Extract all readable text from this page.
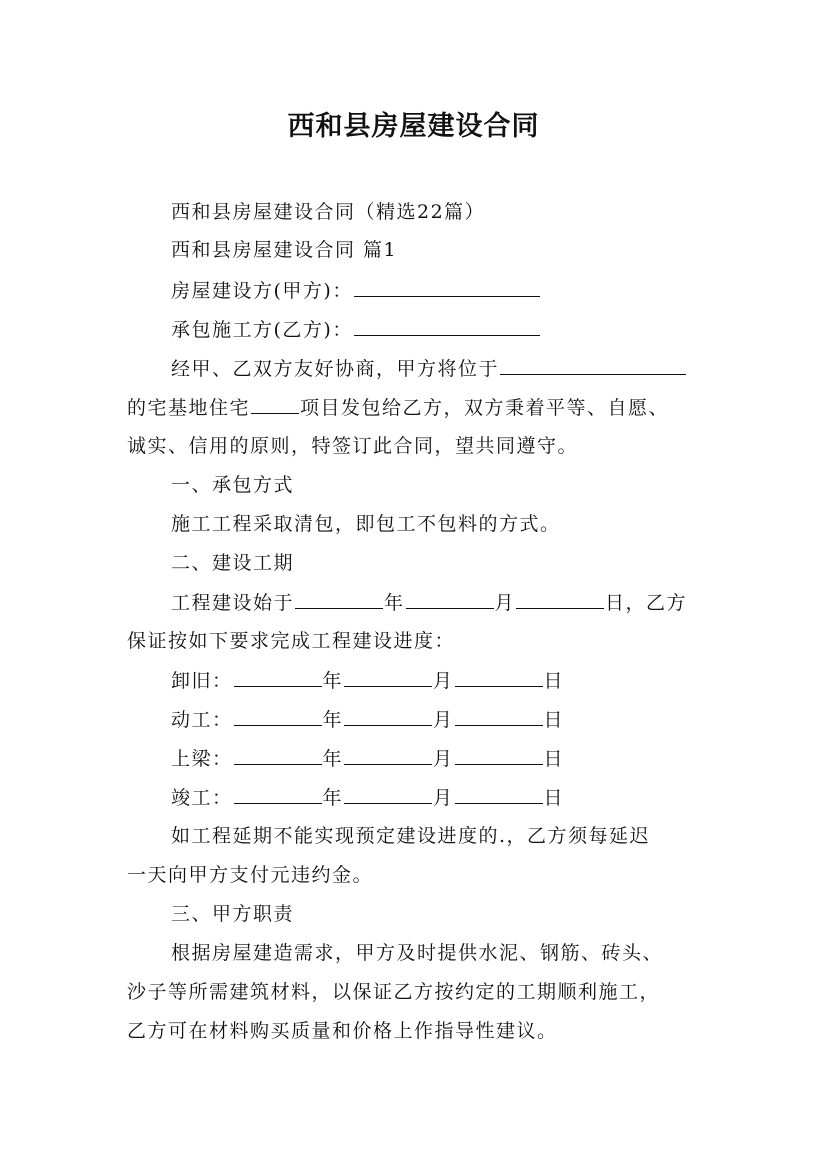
西和县房屋建设合同
西和县房屋建设合同（精选22篇）
西和县房屋建设合同 篇1
房屋建设方(甲方)：
承包施工方(乙方)：
经甲、乙双方友好协商，甲方将位于
的宅基地住宅	项目发包给乙方，双方秉着平等、自愿、
诚实、信用的原则，特签订此合同，望共同遵守。
一、承包方式
施工工程采取清包，即包工不包料的方式。
二、建设工期
工程建设始于	年	月	日，乙方
保证按如下要求完成工程建设进度：
卸旧：	年	月	日
动工：	年	月	日
上梁：	年	月	日
竣工：	年	月	日
如工程延期不能实现预定建设进度的.，乙方须每延迟
一天向甲方支付元违约金。
三、甲方职责
根据房屋建造需求，甲方及时提供水泥、钢筋、砖头、
沙子等所需建筑材料，以保证乙方按约定的工期顺利施工，
乙方可在材料购买质量和价格上作指导性建议。
